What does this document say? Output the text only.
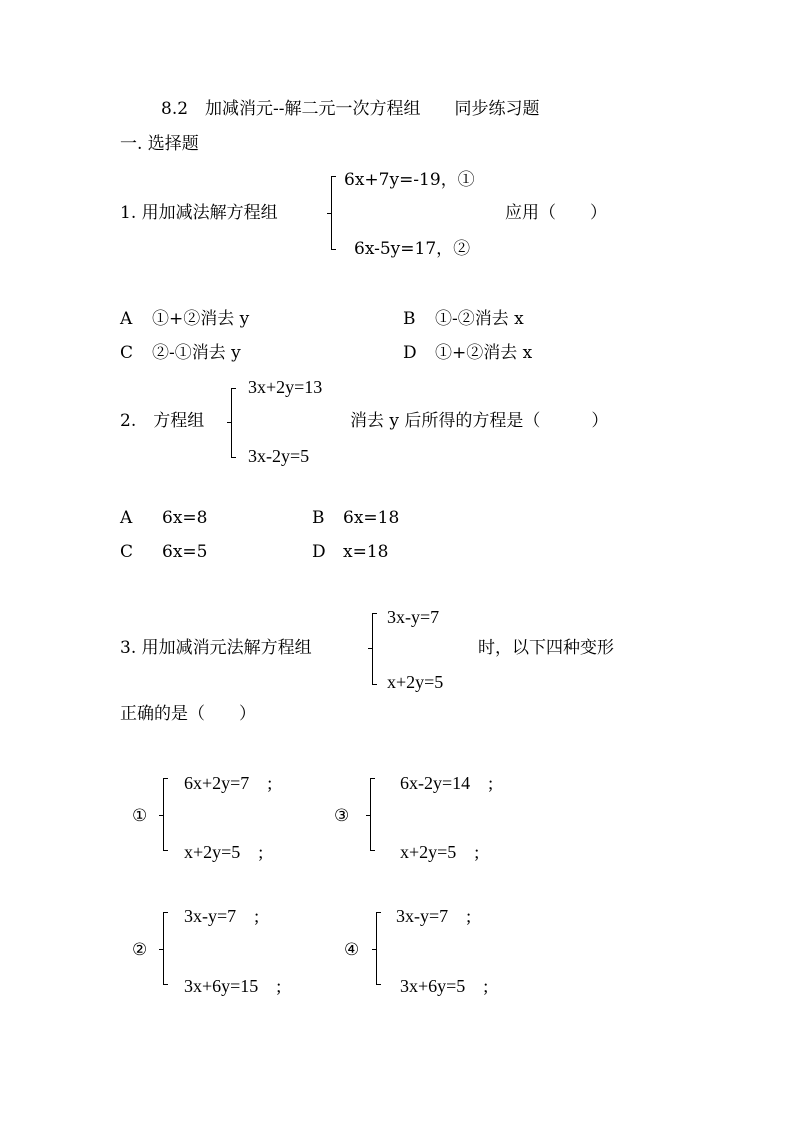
8.2　加减消元--解二元一次方程组　　同步练习题
一. 选择题
1. 用加减法解方程组
6x+7y=-19，①
6x-5y=17，②
应用（　　）
A ①+②消去 y	B ①-②消去 x
C ②-①消去 y	D ①+②消去 x
2.　方程组
3x+2y=13
3x-2y=5
消去 y 后所得的方程是（　　　）
A 6x=8	B 6x=18
C 6x=5	D x=18
3. 用加减消元法解方程组
3x-y=7
x+2y=5
时，以下四种变形
正确的是（　　）
①
6x+2y=7　;
x+2y=5　;
③
6x-2y=14　;
x+2y=5　;
②
3x-y=7　;
3x+6y=15　;
④
3x-y=7　;
3x+6y=5　;
